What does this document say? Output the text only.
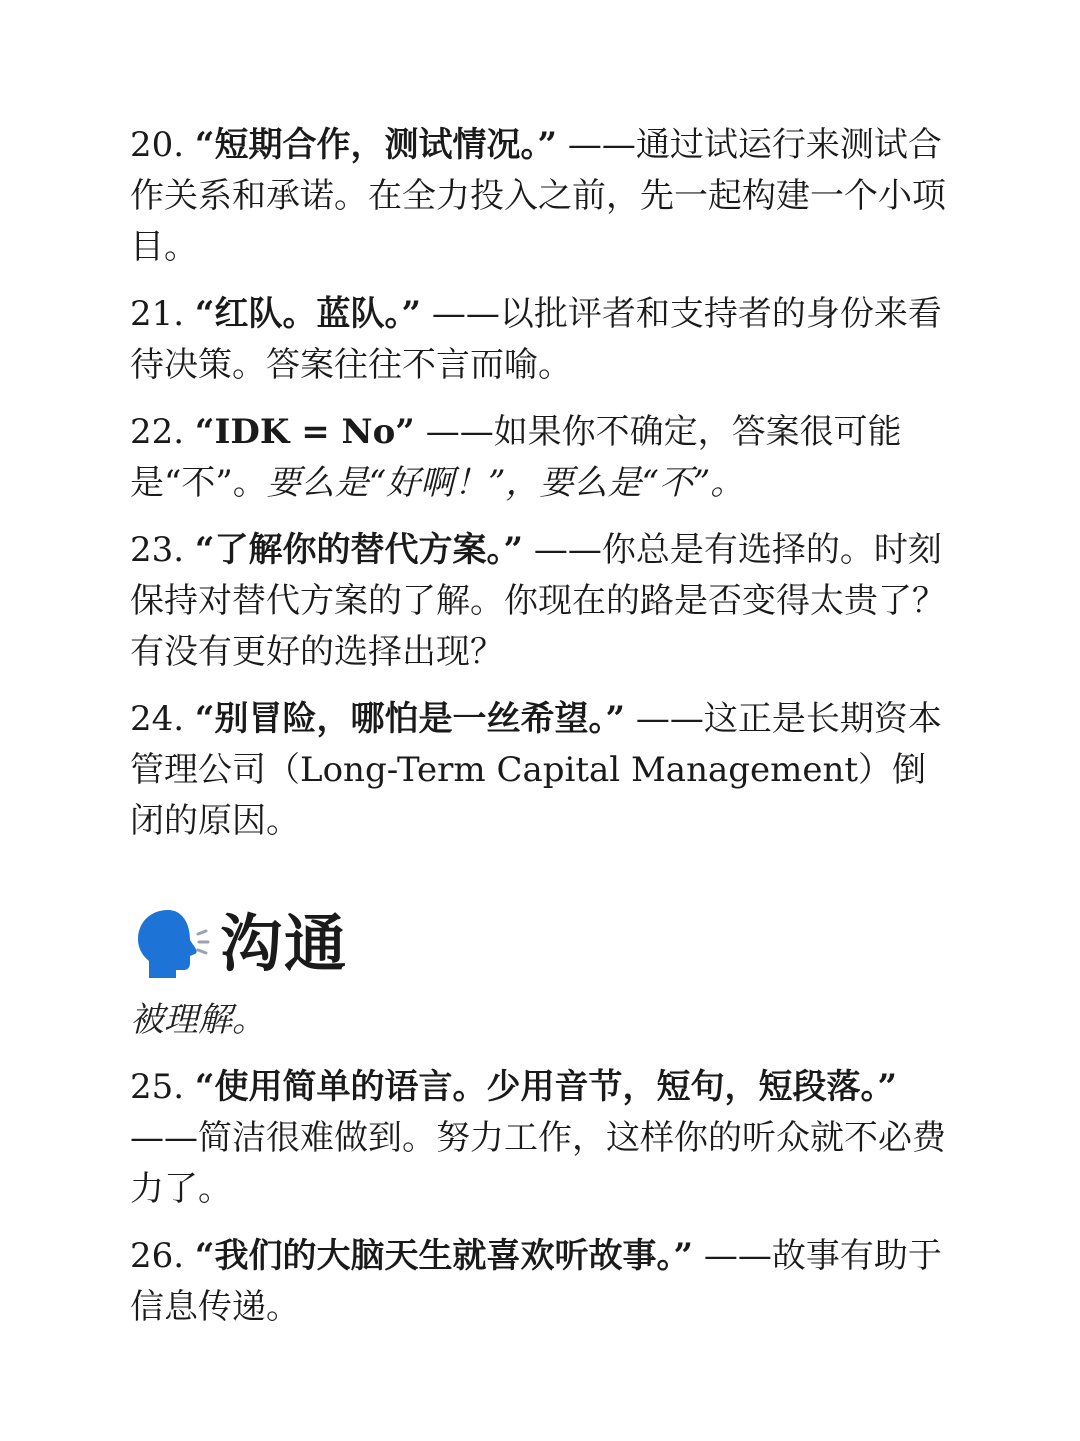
20. “短期合作，测试情况。” ——通过试运行来测试合作关系和承诺。在全力投入之前，先一起构建一个小项目。

21. “红队。蓝队。” ——以批评者和支持者的身份来看待决策。答案往往不言而喻。

22. “IDK = No” ——如果你不确定，答案很可能是“不”。要么是“好啊！”，要么是“不”。

23. “了解你的替代方案。” ——你总是有选择的。时刻保持对替代方案的了解。你现在的路是否变得太贵了？有没有更好的选择出现？

24. “别冒险，哪怕是一丝希望。” ——这正是长期资本管理公司（Long-Term Capital Management）倒闭的原因。

沟通

被理解。

25. “使用简单的语言。少用音节，短句，短段落。” ——简洁很难做到。努力工作，这样你的听众就不必费力了。

26. “我们的大脑天生就喜欢听故事。” ——故事有助于信息传递。
